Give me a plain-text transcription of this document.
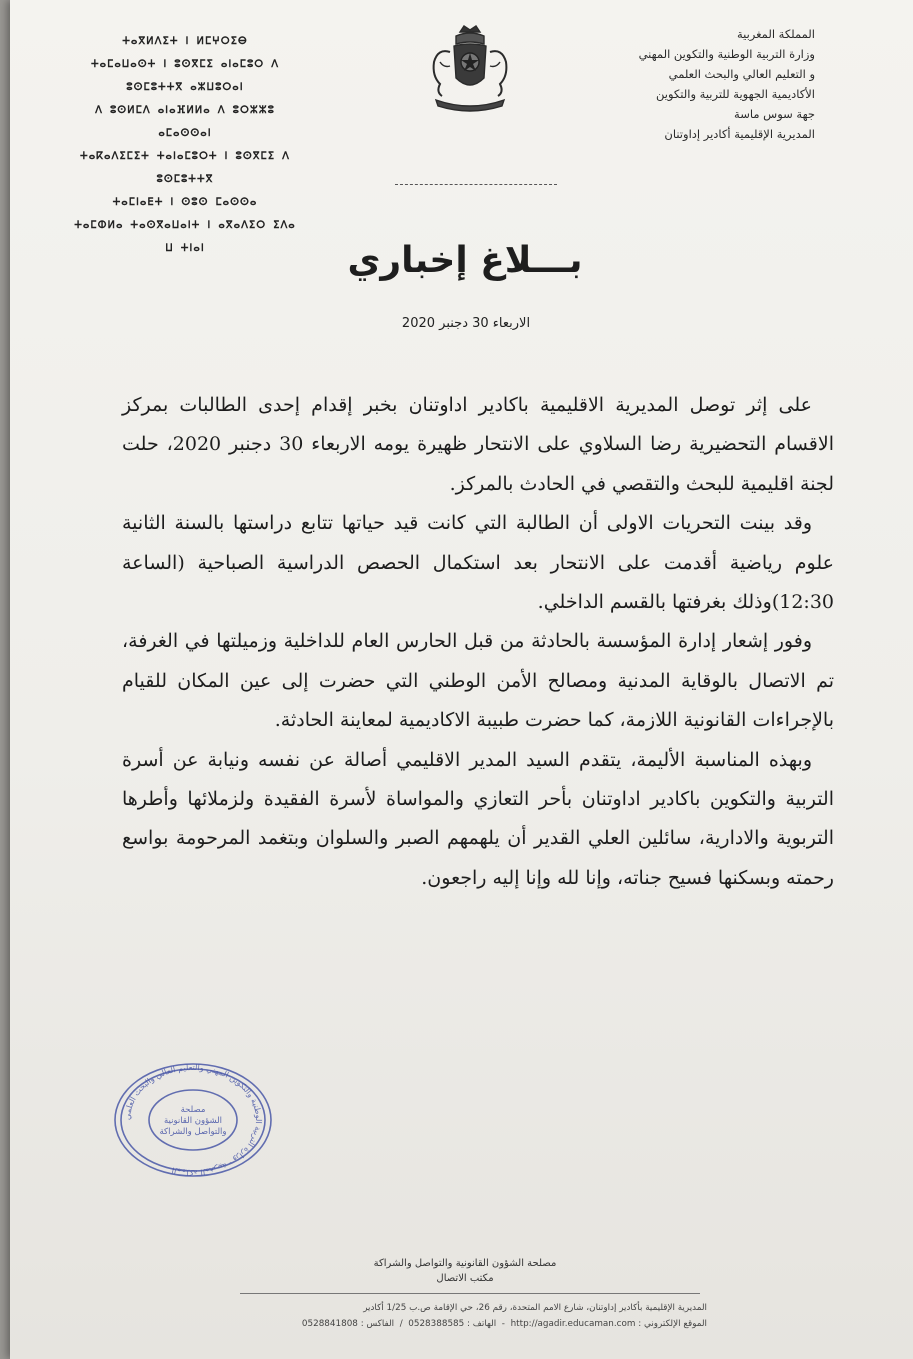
المملكة المغربية
وزارة التربية الوطنية والتكوين المهني
و التعليم العالي والبحث العلمي
الأكاديمية الجهوية للتربية والتكوين
جهة سوس ماسة
المديرية الإقليمية أكادير إداوتنان
ⵜⴰⴳⵍⴷⵉⵜ ⵏ ⵍⵎⵖⵔⵉⴱ
ⵜⴰⵎⴰⵡⴰⵙⵜ ⵏ ⵓⵙⴳⵎⵉ ⴰⵏⴰⵎⵓⵔ ⴷ ⵓⵙⵎⵓⵜⵜⴳ ⴰⵣⵡⵓⵔⴰⵏ
ⴷ ⵓⵙⵍⵎⴷ ⴰⵏⴰⴼⵍⵍⴰ ⴷ ⵓⵔⵣⵣⵓ ⴰⵎⴰⵙⵙⴰⵏ
ⵜⴰⴽⴰⴷⵉⵎⵉⵜ ⵜⴰⵏⴰⵎⵓⵔⵜ ⵏ ⵓⵙⴳⵎⵉ ⴷ ⵓⵙⵎⵓⵜⵜⴳ
ⵜⴰⵎⵏⴰⴹⵜ ⵏ ⵙⵓⵙ ⵎⴰⵙⵙⴰ
ⵜⴰⵎⵀⵍⴰ ⵜⴰⵙⴳⴰⵡⴰⵏⵜ ⵏ ⴰⴳⴰⴷⵉⵔ ⵉⴷⴰ ⵡ ⵜⵏⴰⵏ	بـــلاغ إخباري
الاربعاء 30 دجنبر 2020

على إثر توصل المديرية الاقليمية باكادير اداوتنان بخبر إقدام إحدى الطالبات بمركز الاقسام التحضيرية رضا السلاوي على الانتحار ظهيرة يومه الاربعاء 30 دجنبر 2020، حلت لجنة اقليمية للبحث والتقصي في الحادث بالمركز.

وقد بينت التحريات الاولى أن الطالبة التي كانت قيد حياتها تتابع دراستها بالسنة الثانية علوم رياضية أقدمت على الانتحار بعد استكمال الحصص الدراسية الصباحية (الساعة 12:30)وذلك بغرفتها بالقسم الداخلي.

وفور إشعار إدارة المؤسسة بالحادثة من قبل الحارس العام للداخلية وزميلتها في الغرفة، تم الاتصال بالوقاية المدنية ومصالح الأمن الوطني التي حضرت إلى عين المكان للقيام بالإجراءات القانونية اللازمة، كما حضرت طبيبة الاكاديمية لمعاينة الحادثة.

وبهذه المناسبة الأليمة، يتقدم السيد المدير الاقليمي أصالة عن نفسه ونيابة عن أسرة التربية والتكوين باكادير اداوتنان بأحر التعازي والمواساة لأسرة الفقيدة ولزملائها وأطرها التربوية والادارية، سائلين العلي القدير أن يلهمهم الصبر والسلوان وبتغمد المرحومة بواسع رحمته وبسكنها فسيح جناته، وإنا لله وإنا إليه راجعون.

المملكة المغربية - وزارة التربية الوطنية والتكوين المهني والتعليم العالي والبحث العلمي
مصلحة
الشؤون القانونية
والتواصل والشراكة
مصلحة الشؤون القانونية والتواصل والشراكة
مكتب الاتصال
المديرية الإقليمية بأكادير إداوتنان، شارع الامم المتحدة، رقم 26، حي الإقامة ص.ب 1/25 أكادير
الموقع الإلكتروني : http://agadir.educaman.com  -  الهاتف : 0528388585  /  الفاكس : 0528841808
